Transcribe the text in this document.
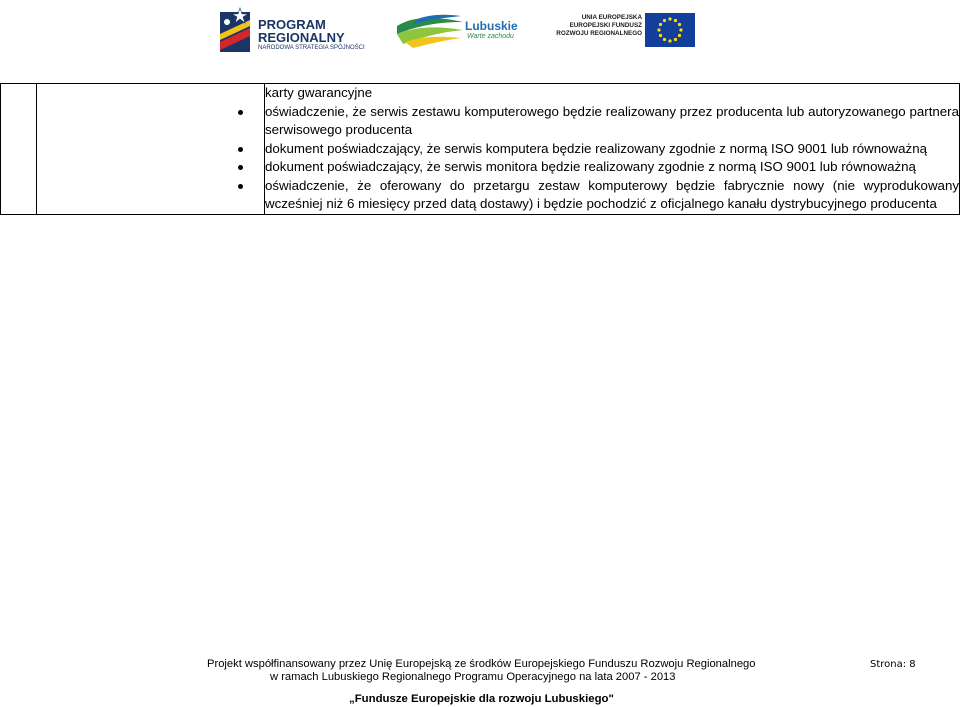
PROGRAM
REGIONALNY
NARODOWA STRATEGIA SPÓJNOŚCI
Lubuskie
Warte zachodu
UNIA EUROPEJSKA
EUROPEJSKI FUNDUSZ
ROZWOJU REGIONALNEGO

karty gwarancyjne
oświadczenie, że serwis zestawu komputerowego będzie realizowany przez producenta lub autoryzowanego partnera serwisowego producenta
dokument poświadczający, że serwis komputera będzie realizowany zgodnie z normą ISO 9001 lub równoważną
dokument poświadczający, że serwis monitora będzie realizowany zgodnie z normą ISO 9001 lub równoważną
oświadczenie, że oferowany do przetargu zestaw komputerowy będzie fabrycznie nowy (nie wyprodukowany wcześniej niż 6 miesięcy przed datą dostawy) i będzie pochodzić z oficjalnego kanału dystrybucyjnego producenta
Projekt współfinansowany przez Unię Europejską ze środków Europejskiego Funduszu Rozwoju Regionalnego
w ramach Lubuskiego Regionalnego Programu Operacyjnego na lata 2007 - 2013
„Fundusze Europejskie dla rozwoju Lubuskiego"
Strona: 8
